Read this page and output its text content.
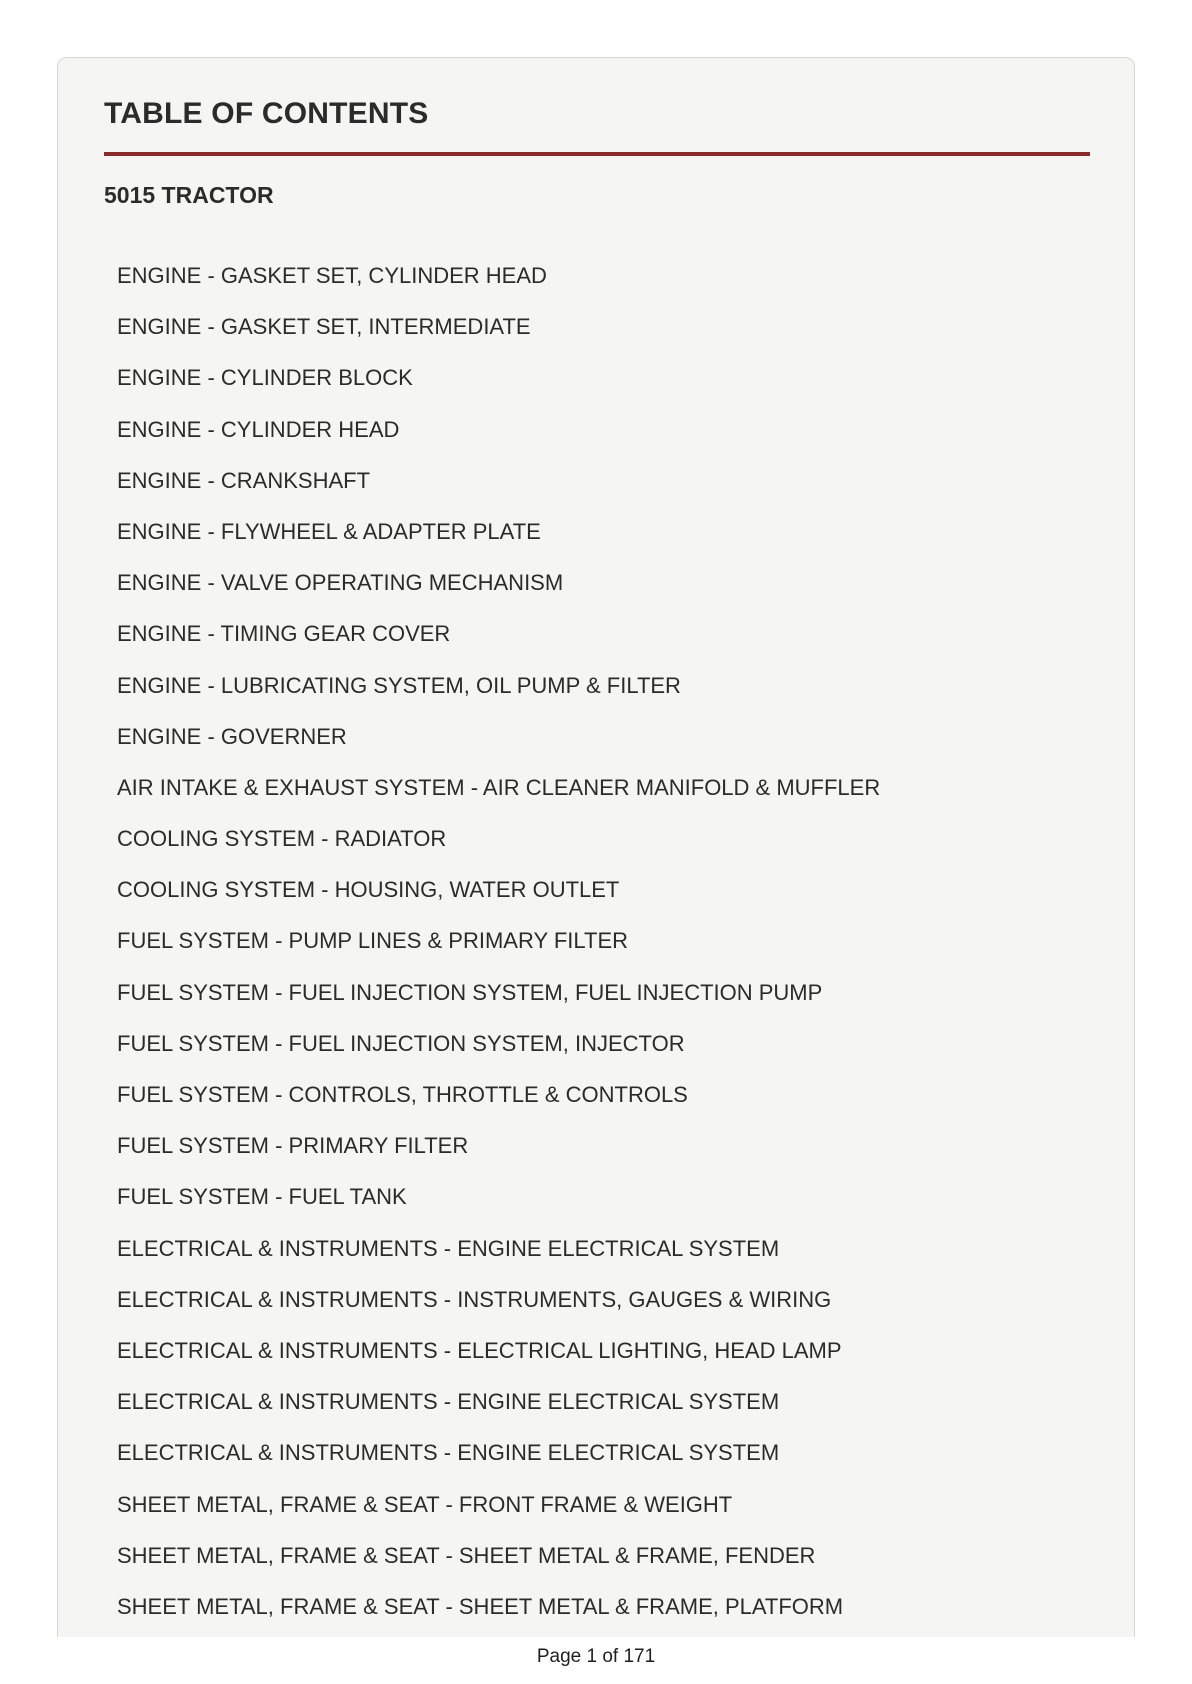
TABLE OF CONTENTS
5015 TRACTOR
ENGINE - GASKET SET, CYLINDER HEAD
ENGINE - GASKET SET, INTERMEDIATE
ENGINE - CYLINDER BLOCK
ENGINE - CYLINDER HEAD
ENGINE - CRANKSHAFT
ENGINE - FLYWHEEL & ADAPTER PLATE
ENGINE - VALVE OPERATING MECHANISM
ENGINE - TIMING GEAR COVER
ENGINE - LUBRICATING SYSTEM, OIL PUMP & FILTER
ENGINE - GOVERNER
AIR INTAKE & EXHAUST SYSTEM - AIR CLEANER MANIFOLD & MUFFLER
COOLING SYSTEM - RADIATOR
COOLING SYSTEM - HOUSING, WATER OUTLET
FUEL SYSTEM - PUMP LINES & PRIMARY FILTER
FUEL SYSTEM - FUEL INJECTION SYSTEM, FUEL INJECTION PUMP
FUEL SYSTEM - FUEL INJECTION SYSTEM, INJECTOR
FUEL SYSTEM - CONTROLS, THROTTLE & CONTROLS
FUEL SYSTEM - PRIMARY FILTER
FUEL SYSTEM - FUEL TANK
ELECTRICAL & INSTRUMENTS - ENGINE ELECTRICAL SYSTEM
ELECTRICAL & INSTRUMENTS - INSTRUMENTS, GAUGES & WIRING
ELECTRICAL & INSTRUMENTS - ELECTRICAL LIGHTING, HEAD LAMP
ELECTRICAL & INSTRUMENTS - ENGINE ELECTRICAL SYSTEM
ELECTRICAL & INSTRUMENTS - ENGINE ELECTRICAL SYSTEM
SHEET METAL, FRAME & SEAT - FRONT FRAME & WEIGHT
SHEET METAL, FRAME & SEAT - SHEET METAL & FRAME, FENDER
SHEET METAL, FRAME & SEAT - SHEET METAL & FRAME, PLATFORM
Page 1 of 171
